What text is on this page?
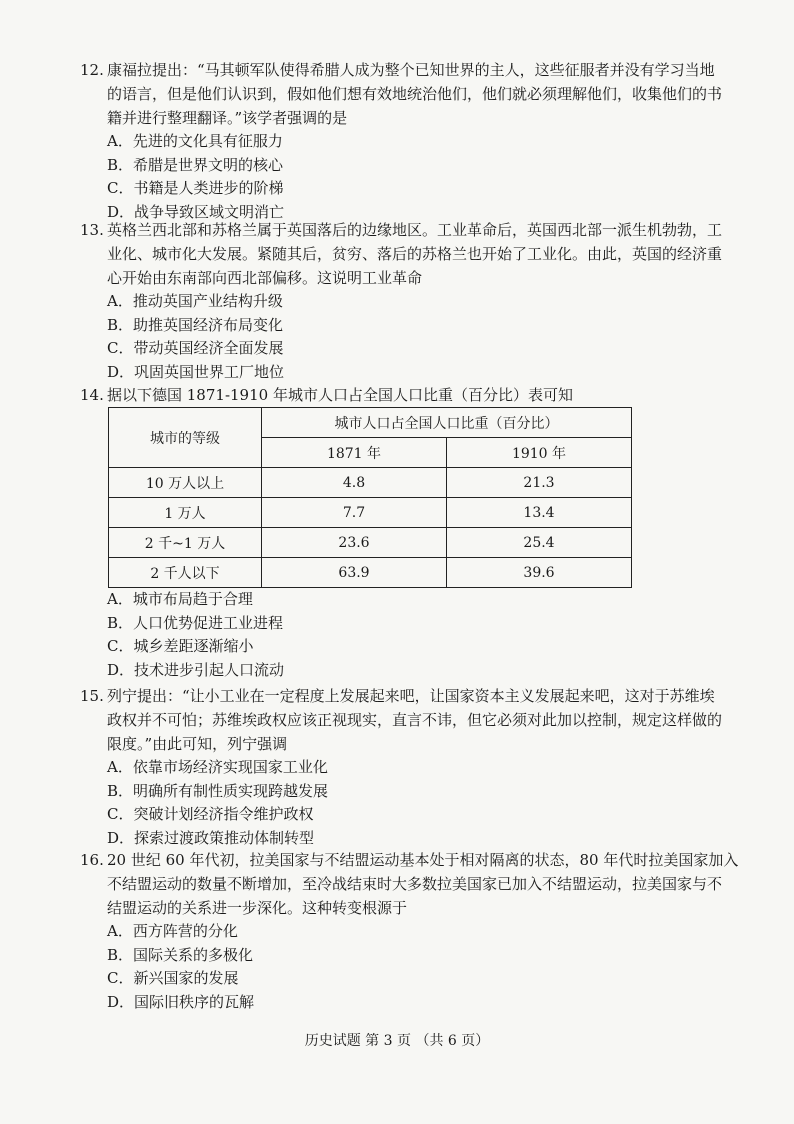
12. 康福拉提出：“马其顿军队使得希腊人成为整个已知世界的主人，这些征服者并没有学习当地
的语言，但是他们认识到，假如他们想有效地统治他们，他们就必须理解他们，收集他们的书
籍并进行整理翻译。”该学者强调的是
A．先进的文化具有征服力
B．希腊是世界文明的核心
C．书籍是人类进步的阶梯
D．战争导致区域文明消亡
13. 英格兰西北部和苏格兰属于英国落后的边缘地区。工业革命后，英国西北部一派生机勃勃，工
业化、城市化大发展。紧随其后，贫穷、落后的苏格兰也开始了工业化。由此，英国的经济重
心开始由东南部向西北部偏移。这说明工业革命
A．推动英国产业结构升级
B．助推英国经济布局变化
C．带动英国经济全面发展
D．巩固英国世界工厂地位
14. 据以下德国 1871-1910 年城市人口占全国人口比重（百分比）表可知
城市的等级	城市人口占全国人口比重（百分比）	
	1871 年	1910 年
10 万人以上	4.8	21.3
1 万人	7.7	13.4
2 千~1 万人	23.6	25.4
2 千人以下	63.9	39.6
A．城市布局趋于合理
B．人口优势促进工业进程
C．城乡差距逐渐缩小
D．技术进步引起人口流动
15. 列宁提出：“让小工业在一定程度上发展起来吧，让国家资本主义发展起来吧，这对于苏维埃
政权并不可怕；苏维埃政权应该正视现实，直言不讳，但它必须对此加以控制，规定这样做的
限度。”由此可知，列宁强调
A．依靠市场经济实现国家工业化
B．明确所有制性质实现跨越发展
C．突破计划经济指令维护政权
D．探索过渡政策推动体制转型
16. 20 世纪 60 年代初，拉美国家与不结盟运动基本处于相对隔离的状态，80 年代时拉美国家加入
不结盟运动的数量不断增加，至冷战结束时大多数拉美国家已加入不结盟运动，拉美国家与不
结盟运动的关系进一步深化。这种转变根源于
A．西方阵营的分化
B．国际关系的多极化
C．新兴国家的发展
D．国际旧秩序的瓦解
历史试题 第 3 页 （共 6 页）
